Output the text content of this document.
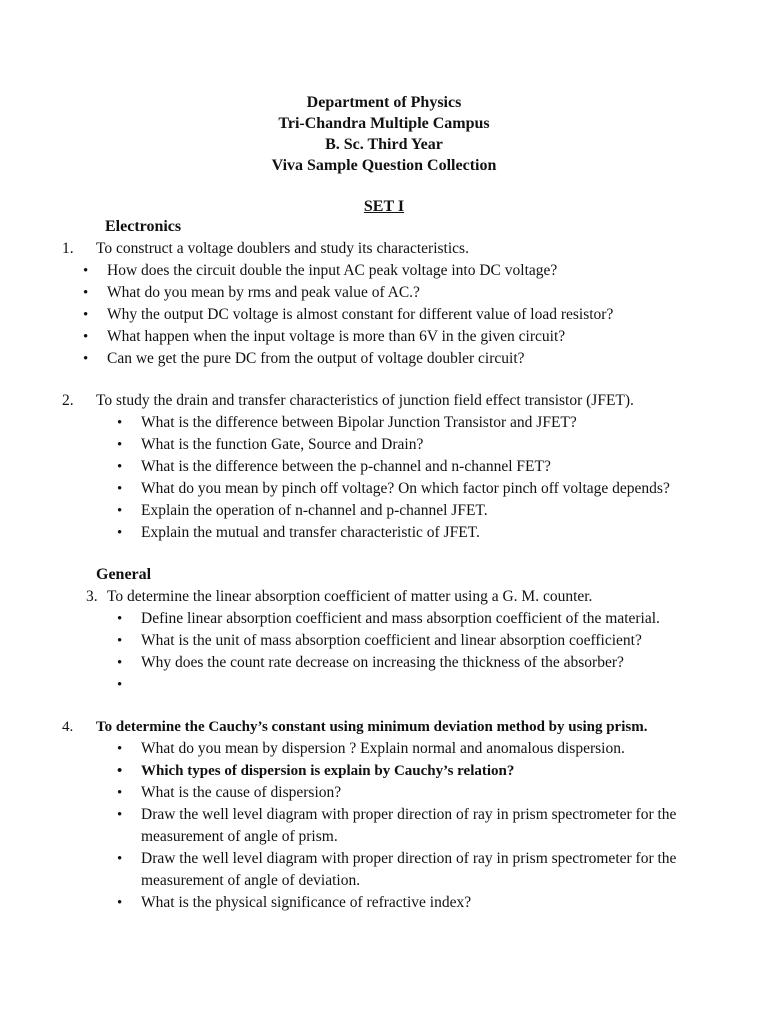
Department of Physics
Tri-Chandra Multiple Campus
B. Sc. Third Year
Viva Sample Question Collection
SET I
Electronics
1. To construct a voltage doublers and study its characteristics.
• How does the circuit double the input AC peak voltage into DC voltage?
• What do you mean by rms and peak value of AC.?
• Why the output DC voltage is almost constant for different value of load resistor?
• What happen when the input voltage is more than 6V in the given circuit?
• Can we get the pure DC from the output of voltage doubler circuit?
2. To study the drain and transfer characteristics of junction field effect transistor (JFET).
• What is the difference between Bipolar Junction Transistor and JFET?
• What is the function Gate, Source and Drain?
• What is the difference between the p-channel and n-channel FET?
• What do you mean by pinch off voltage? On which factor pinch off voltage depends?
• Explain the operation of n-channel and p-channel JFET.
• Explain the mutual and transfer characteristic of JFET.
General
3. To determine the linear absorption coefficient of matter using a G. M. counter.
• Define linear absorption coefficient and mass absorption coefficient of the material.
• What is the unit of mass absorption coefficient and linear absorption coefficient?
• Why does the count rate decrease on increasing the thickness of the absorber?
•
4. To determine the Cauchy’s constant using minimum deviation method by using prism.
• What do you mean by dispersion ? Explain normal and anomalous dispersion.
• Which types of dispersion is explain by Cauchy’s relation?
• What is the cause of dispersion?
• Draw the well level diagram with proper direction of ray in prism spectrometer for the measurement of angle of prism.
• Draw the well level diagram with proper direction of ray in prism spectrometer for the measurement of angle of deviation.
• What is the physical significance of refractive index?
